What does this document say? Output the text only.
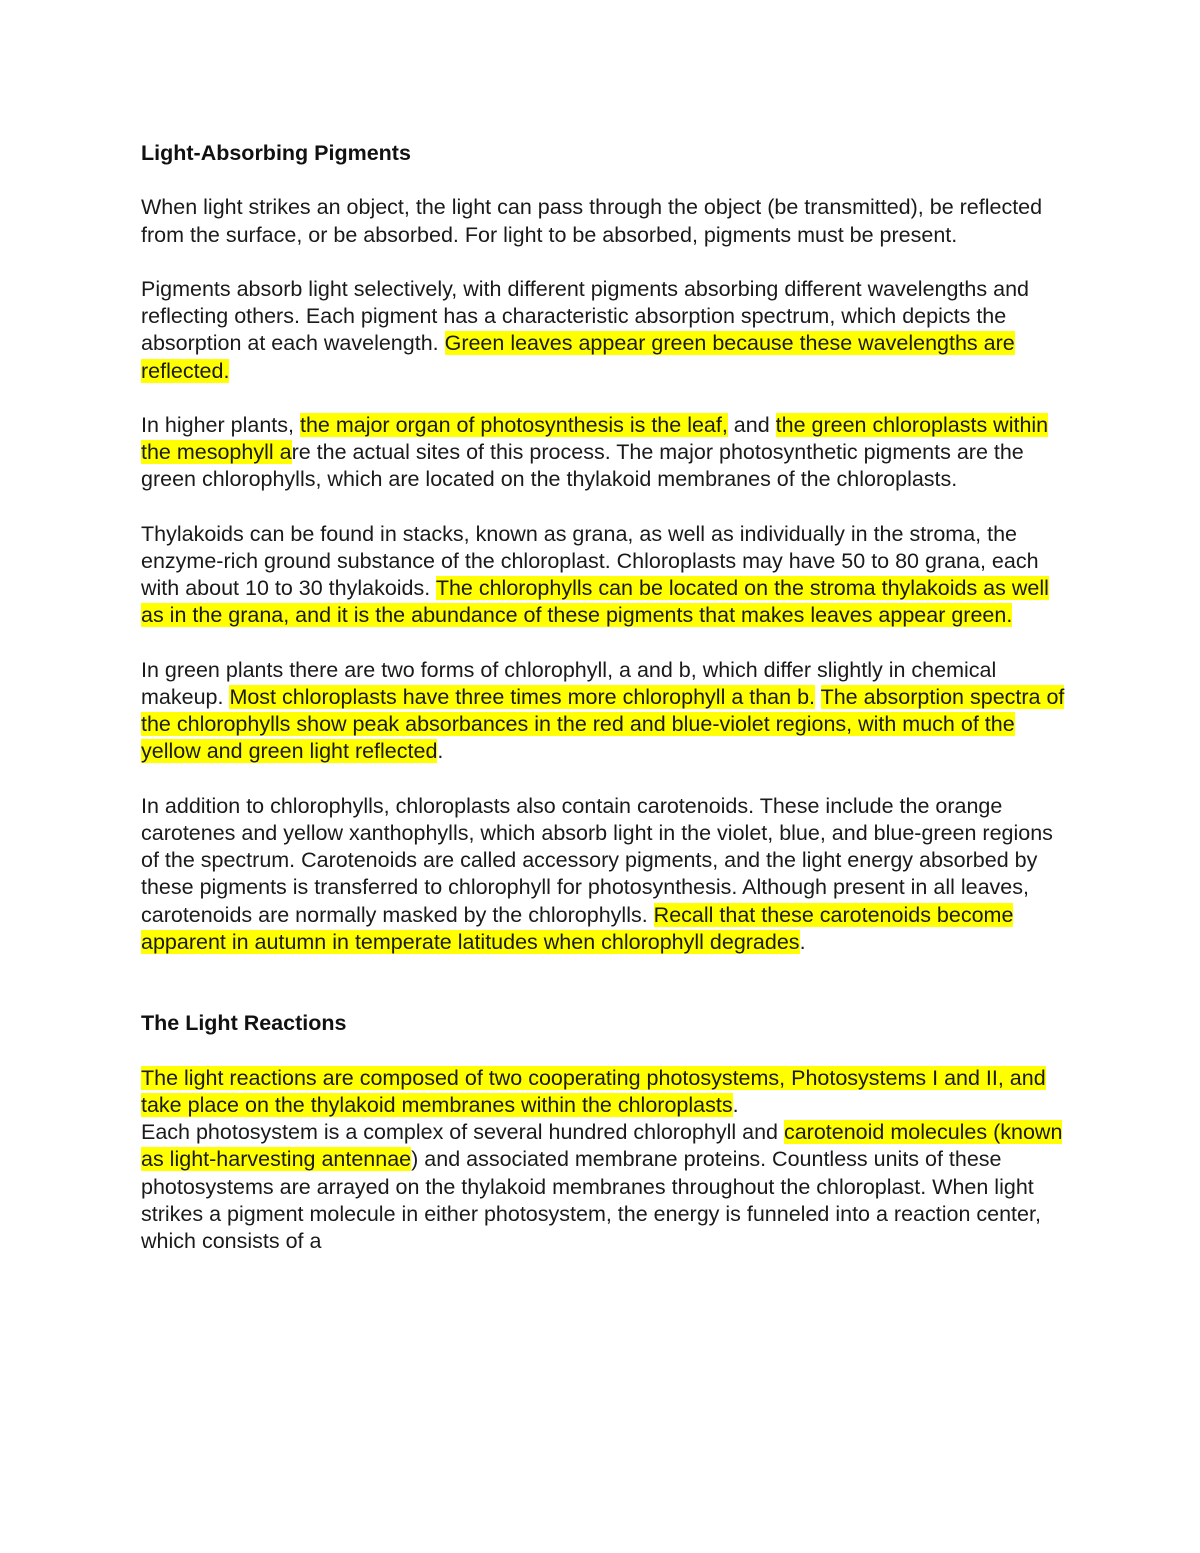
Light-Absorbing Pigments

When light strikes an object, the light can pass through the object (be transmitted), be reflected from the surface, or be absorbed. For light to be absorbed, pigments must be present.

Pigments absorb light selectively, with different pigments absorbing different wavelengths and reflecting others. Each pigment has a characteristic absorption spectrum, which depicts the absorption at each wavelength. Green leaves appear green because these wavelengths are reflected.

In higher plants, the major organ of photosynthesis is the leaf, and the green chloroplasts within the mesophyll are the actual sites of this process. The major photosynthetic pigments are the green chlorophylls, which are located on the thylakoid membranes of the chloroplasts.

Thylakoids can be found in stacks, known as grana, as well as individually in the stroma, the enzyme-rich ground substance of the chloroplast. Chloroplasts may have 50 to 80 grana, each with about 10 to 30 thylakoids. The chlorophylls can be located on the stroma thylakoids as well as in the grana, and it is the abundance of these pigments that makes leaves appear green.

In green plants there are two forms of chlorophyll, a and b, which differ slightly in chemical makeup. Most chloroplasts have three times more chlorophyll a than b. The absorption spectra of the chlorophylls show peak absorbances in the red and blue-violet regions, with much of the yellow and green light reflected.

In addition to chlorophylls, chloroplasts also contain carotenoids. These include the orange carotenes and yellow xanthophylls, which absorb light in the violet, blue, and blue-green regions of the spectrum. Carotenoids are called accessory pigments, and the light energy absorbed by these pigments is transferred to chlorophyll for photosynthesis. Although present in all leaves, carotenoids are normally masked by the chlorophylls. Recall that these carotenoids become apparent in autumn in temperate latitudes when chlorophyll degrades.

The Light Reactions

The light reactions are composed of two cooperating photosystems, Photosystems I and II, and take place on the thylakoid membranes within the chloroplasts.

Each photosystem is a complex of several hundred chlorophyll and carotenoid molecules (known as light-harvesting antennae) and associated membrane proteins. Countless units of these photosystems are arrayed on the thylakoid membranes throughout the chloroplast. When light strikes a pigment molecule in either photosystem, the energy is funneled into a reaction center, which consists of a
